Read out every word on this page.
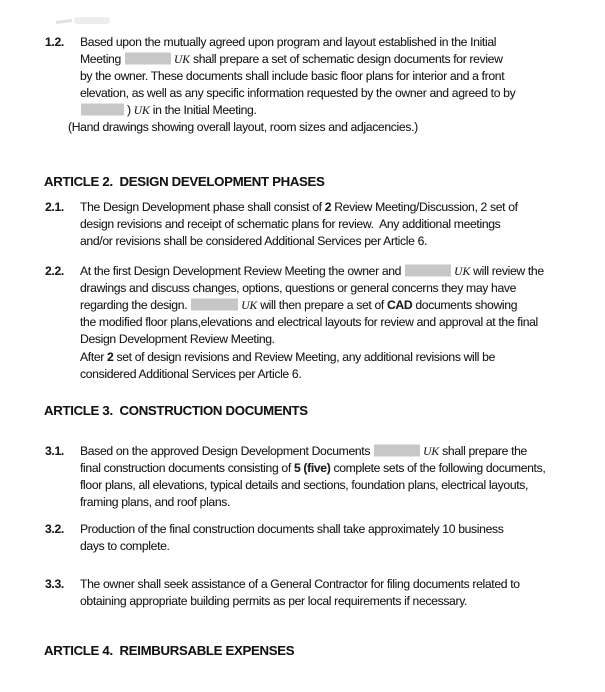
1.2.	Based upon the mutually agreed upon program and layout established in the Initial
Meeting	UK shall prepare a set of schematic design documents for review
by the owner. These documents shall include basic floor plans for interior and a front
elevation, as well as any specific information requested by the owner and agreed to by
) UK in the Initial Meeting.
(Hand drawings showing overall layout, room sizes and adjacencies.)
ARTICLE 2.  DESIGN DEVELOPMENT PHASES
2.1.	The Design Development phase shall consist of 2 Review Meeting/Discussion, 2 set of
design revisions and receipt of schematic plans for review.  Any additional meetings
and/or revisions shall be considered Additional Services per Article 6.
2.2.	At the first Design Development Review Meeting the owner and	UK will review the
drawings and discuss changes, options, questions or general concerns they may have
regarding the design.	UK will then prepare a set of CAD documents showing
the modified floor plans,elevations and electrical layouts for review and approval at the final
Design Development Review Meeting.
After 2 set of design revisions and Review Meeting, any additional revisions will be
considered Additional Services per Article 6.
ARTICLE 3.  CONSTRUCTION DOCUMENTS
3.1.	Based on the approved Design Development Documents	UK shall prepare the
final construction documents consisting of 5 (five) complete sets of the following documents,
floor plans, all elevations, typical details and sections, foundation plans, electrical layouts,
framing plans, and roof plans.
3.2.	Production of the final construction documents shall take approximately 10 business
days to complete.
3.3.	The owner shall seek assistance of a General Contractor for filing documents related to
obtaining appropriate building permits as per local requirements if necessary.
ARTICLE 4.  REIMBURSABLE EXPENSES
